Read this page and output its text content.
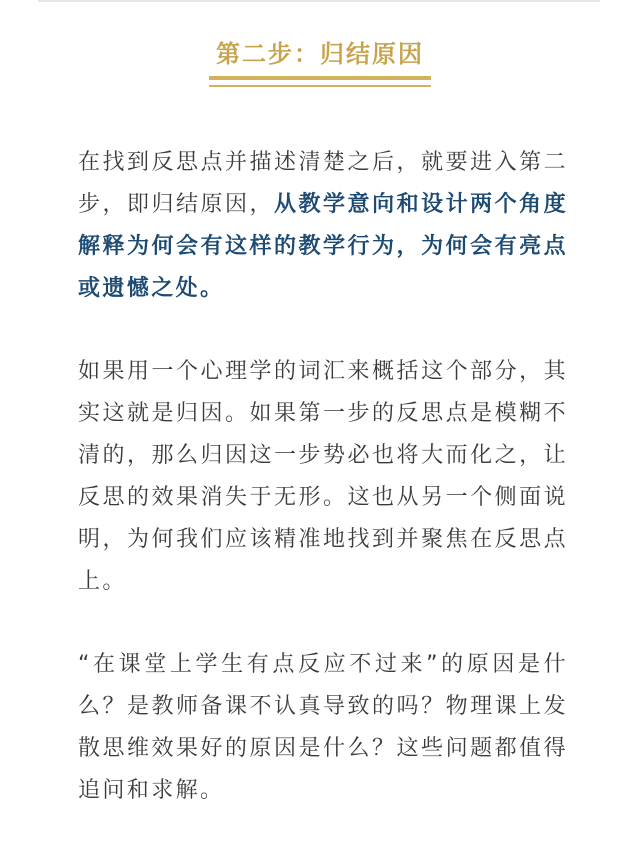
第二步：归结原因

在找到反思点并描述清楚之后，就要进入第二步，即归结原因，从教学意向和设计两个角度解释为何会有这样的教学行为，为何会有亮点或遗憾之处。

如果用一个心理学的词汇来概括这个部分，其实这就是归因。如果第一步的反思点是模糊不清的，那么归因这一步势必也将大而化之，让反思的效果消失于无形。这也从另一个侧面说明，为何我们应该精准地找到并聚焦在反思点上。

“在课堂上学生有点反应不过来”的原因是什么？是教师备课不认真导致的吗？物理课上发散思维效果好的原因是什么？这些问题都值得追问和求解。
